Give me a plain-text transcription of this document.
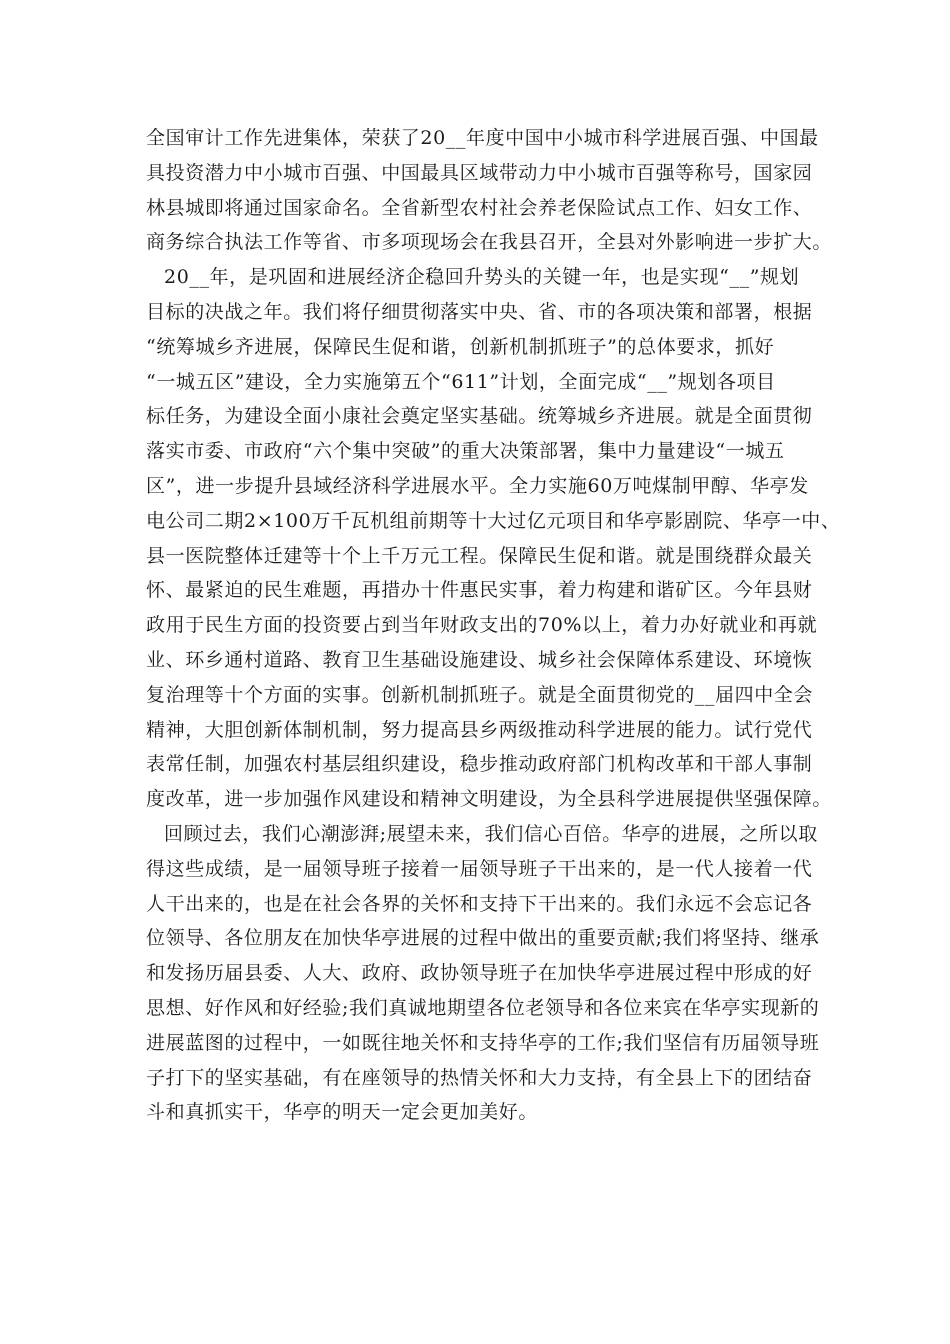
全国审计工作先进集体，荣获了20__年度中国中小城市科学进展百强、中国最
具投资潜力中小城市百强、中国最具区域带动力中小城市百强等称号，国家园
林县城即将通过国家命名。全省新型农村社会养老保险试点工作、妇女工作、
商务综合执法工作等省、市多项现场会在我县召开，全县对外影响进一步扩大。
20__年，是巩固和进展经济企稳回升势头的关键一年，也是实现“__”规划
目标的决战之年。我们将仔细贯彻落实中央、省、市的各项决策和部署，根据
“统筹城乡齐进展，保障民生促和谐，创新机制抓班子”的总体要求，抓好
“一城五区”建设，全力实施第五个“611”计划，全面完成“__”规划各项目
标任务，为建设全面小康社会奠定坚实基础。统筹城乡齐进展。就是全面贯彻
落实市委、市政府“六个集中突破”的重大决策部署，集中力量建设“一城五
区”，进一步提升县域经济科学进展水平。全力实施60万吨煤制甲醇、华亭发
电公司二期2×100万千瓦机组前期等十大过亿元项目和华亭影剧院、华亭一中、
县一医院整体迁建等十个上千万元工程。保障民生促和谐。就是围绕群众最关
怀、最紧迫的民生难题，再措办十件惠民实事，着力构建和谐矿区。今年县财
政用于民生方面的投资要占到当年财政支出的70%以上，着力办好就业和再就
业、环乡通村道路、教育卫生基础设施建设、城乡社会保障体系建设、环境恢
复治理等十个方面的实事。创新机制抓班子。就是全面贯彻党的__届四中全会
精神，大胆创新体制机制，努力提高县乡两级推动科学进展的能力。试行党代
表常任制，加强农村基层组织建设，稳步推动政府部门机构改革和干部人事制
度改革，进一步加强作风建设和精神文明建设，为全县科学进展提供坚强保障。
回顾过去，我们心潮澎湃;展望未来，我们信心百倍。华亭的进展，之所以取
得这些成绩，是一届领导班子接着一届领导班子干出来的，是一代人接着一代
人干出来的，也是在社会各界的关怀和支持下干出来的。我们永远不会忘记各
位领导、各位朋友在加快华亭进展的过程中做出的重要贡献;我们将坚持、继承
和发扬历届县委、人大、政府、政协领导班子在加快华亭进展过程中形成的好
思想、好作风和好经验;我们真诚地期望各位老领导和各位来宾在华亭实现新的
进展蓝图的过程中，一如既往地关怀和支持华亭的工作;我们坚信有历届领导班
子打下的坚实基础，有在座领导的热情关怀和大力支持，有全县上下的团结奋
斗和真抓实干，华亭的明天一定会更加美好。
